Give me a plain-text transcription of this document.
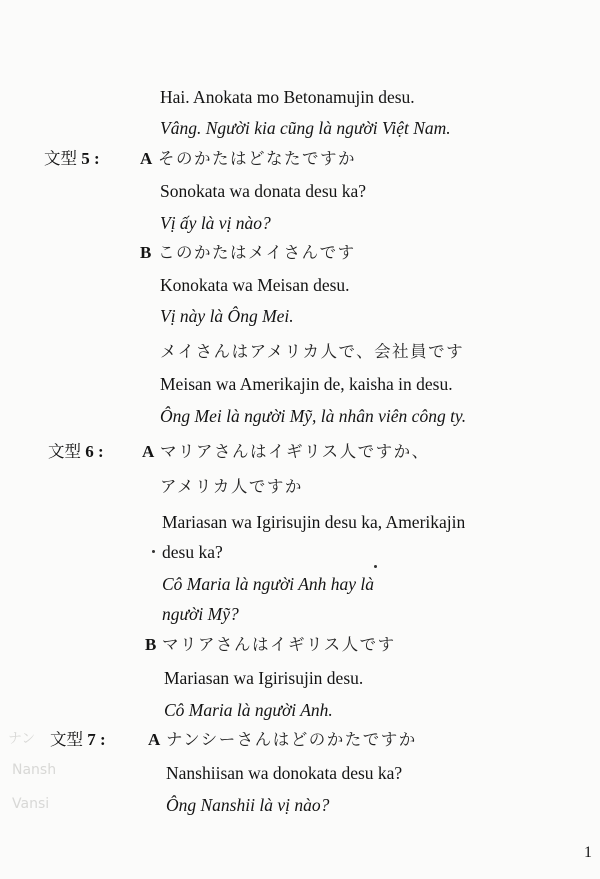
ナン
Nansh
Vansi
Hai. Anokata mo Betonamujin desu.
Vâng. Người kia cũng là người Việt Nam.
文型 5 : A そのかたはどなたですか
Sonokata wa donata desu ka?
Vị ấy là vị nào?
B このかたはメイさんです
Konokata wa Meisan desu.
Vị này là Ông Mei.
メイさんはアメリカ人で、会社員です
Meisan wa Amerikajin de, kaisha in desu.
Ông Mei là người Mỹ, là nhân viên công ty.
文型 6 : A マリアさんはイギリス人ですか、
アメリカ人ですか
Mariasan wa Igirisujin desu ka, Amerikajin
desu ka?
Cô Maria là người Anh hay là
người Mỹ?
B マリアさんはイギリス人です
Mariasan wa Igirisujin desu.
Cô Maria là người Anh.
文型 7 : A ナンシーさんはどのかたですか
Nanshiisan wa donokata desu ka?
Ông Nanshii là vị nào?
1
